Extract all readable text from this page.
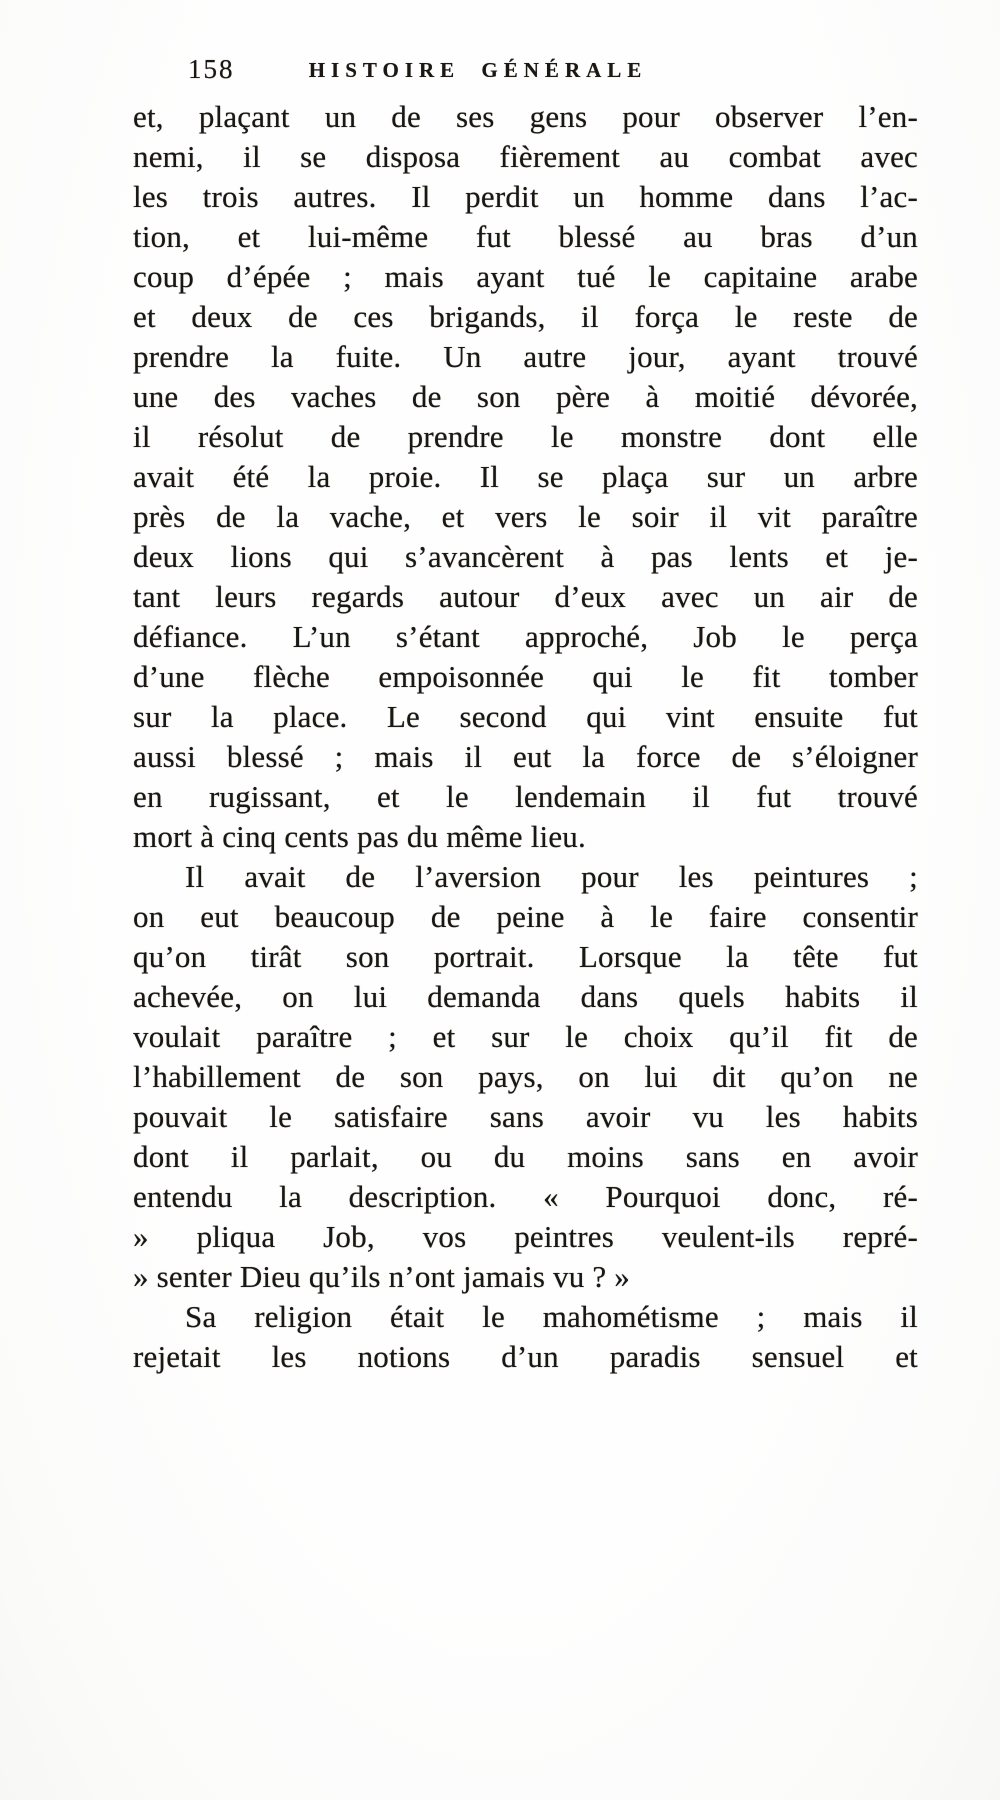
158	HISTOIRE GÉNÉRALE
et, plaçant un de ses gens pour observer l’en-
nemi, il se disposa fièrement au combat avec
les trois autres. Il perdit un homme dans l’ac-
tion, et lui-même fut blessé au bras d’un
coup d’épée ; mais ayant tué le capitaine arabe
et deux de ces brigands, il força le reste de
prendre la fuite. Un autre jour, ayant trouvé
une des vaches de son père à moitié dévorée,
il résolut de prendre le monstre dont elle
avait été la proie. Il se plaça sur un arbre
près de la vache, et vers le soir il vit paraître
deux lions qui s’avancèrent à pas lents et je-
tant leurs regards autour d’eux avec un air de
défiance. L’un s’étant approché, Job le perça
d’une flèche empoisonnée qui le fit tomber
sur la place. Le second qui vint ensuite fut
aussi blessé ; mais il eut la force de s’éloigner
en rugissant, et le lendemain il fut trouvé
mort à cinq cents pas du même lieu.
Il avait de l’aversion pour les peintures ;
on eut beaucoup de peine à le faire consentir
qu’on tirât son portrait. Lorsque la tête fut
achevée, on lui demanda dans quels habits il
voulait paraître ; et sur le choix qu’il fit de
l’habillement de son pays, on lui dit qu’on ne
pouvait le satisfaire sans avoir vu les habits
dont il parlait, ou du moins sans en avoir
entendu la description. « Pourquoi donc, ré-
» pliqua Job, vos peintres veulent-ils repré-
» senter Dieu qu’ils n’ont jamais vu ? »
Sa religion était le mahométisme ; mais il
rejetait les notions d’un paradis sensuel et
